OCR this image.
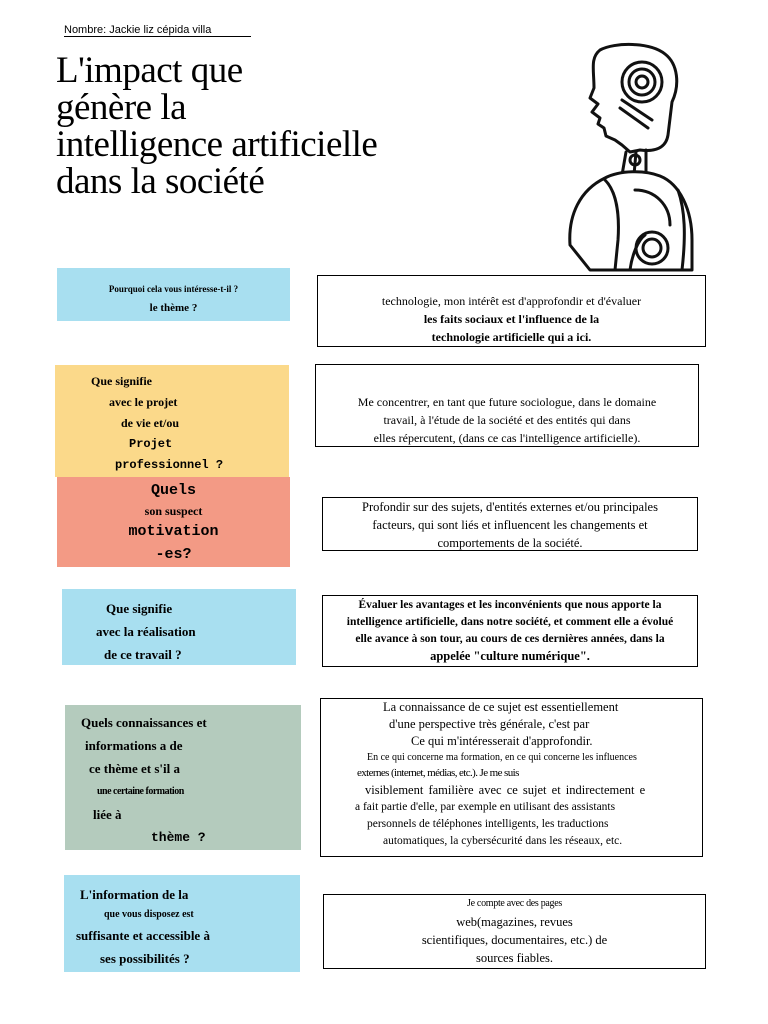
Nombre: Jackie liz cépida villa
L'impact que
génère la
intelligence artificielle
dans la société
Pourquoi cela vous intéresse-t-il ?
le thème ?	technologie, mon intérêt est d'approfondir et d'évaluer
les faits sociaux et l'influence de la
technologie artificielle qui a ici.
Que signifie
avec le projet
de vie et/ou
Projet
professionnel ?
Me concentrer, en tant que future sociologue, dans le domaine
travail, à l'étude de la société et des entités qui dans
elles répercutent, (dans ce cas l'intelligence artificielle).
Quels
son suspect
motivation
-es?
Profondir sur des sujets, d'entités externes et/ou principales
facteurs, qui sont liés et influencent les changements et
comportements de la société.
Que signifie
avec la réalisation
de ce travail ?
Évaluer les avantages et les inconvénients que nous apporte la
intelligence artificielle, dans notre société, et comment elle a évolué
elle avance à son tour, au cours de ces dernières années, dans la
appelée "culture numérique".
Quels connaissances et
informations a de
ce thème et s'il a
une certaine formation
liée à
thème ?
La connaissance de ce sujet est essentiellement
d'une perspective très générale, c'est par
Ce qui m'intéresserait d'approfondir.
En ce qui concerne ma formation, en ce qui concerne les influences
externes (internet, médias, etc.). Je me suis
visiblement familière avec ce sujet et indirectement e
a fait partie d'elle, par exemple en utilisant des assistants
personnels de téléphones intelligents, les traductions
automatiques, la cybersécurité dans les réseaux, etc.
L'information de la
que vous disposez est
suffisante et accessible à
ses possibilités ?
Je compte avec des pages
web(magazines, revues
scientifiques, documentaires, etc.) de
sources fiables.
